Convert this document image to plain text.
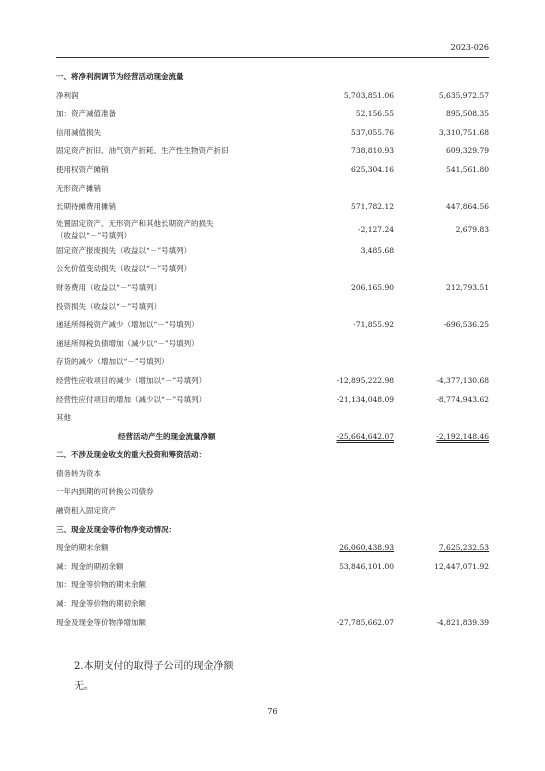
2023-026
一、将净利润调节为经营活动现金流量
净利润	5,703,851.06	5,635,972.57
加：资产减值准备	52,156.55	895,508.35
信用减值损失	537,055.76	3,310,751.68
固定资产折旧、油气资产折耗、生产性生物资产折旧	738,810.93	609,329.79
使用权资产摊销	625,304.16	541,561.80
无形资产摊销
长期待摊费用摊销	571,782.12	447,864.56
处置固定资产、无形资产和其他长期资产的损失
（收益以“－”号填列）
-2,127.24	2,679.83
固定资产报废损失（收益以“－”号填列）	3,485.68
公允价值变动损失（收益以“－”号填列）
财务费用（收益以“－”号填列）	206,165.90	212,793.51
投资损失（收益以“－”号填列）
递延所得税资产减少（增加以“－”号填列）	-71,855.92	-696,536.25
递延所得税负债增加（减少以“－”号填列）
存货的减少（增加以“－”号填列）
经营性应收项目的减少（增加以“－”号填列）	-12,895,222.98	-4,377,130.68
经营性应付项目的增加（减少以“－”号填列）	-21,134,048.09	-8,774,943.62
其他
经营活动产生的现金流量净额	-25,664,642.07	-2,192,148.46
二、不涉及现金收支的重大投资和筹资活动：
债务转为资本
一年内到期的可转换公司债券
融资租入固定资产
三、现金及现金等价物净变动情况：
现金的期末余额	26,060,438.93	7,625,232.53
减：现金的期初余额	53,846,101.00	12,447,071.92
加：现金等价物的期末余额
减：现金等价物的期初余额
现金及现金等价物净增加额	-27,785,662.07	-4,821,839.39
2.本期支付的取得子公司的现金净额
无。
76
